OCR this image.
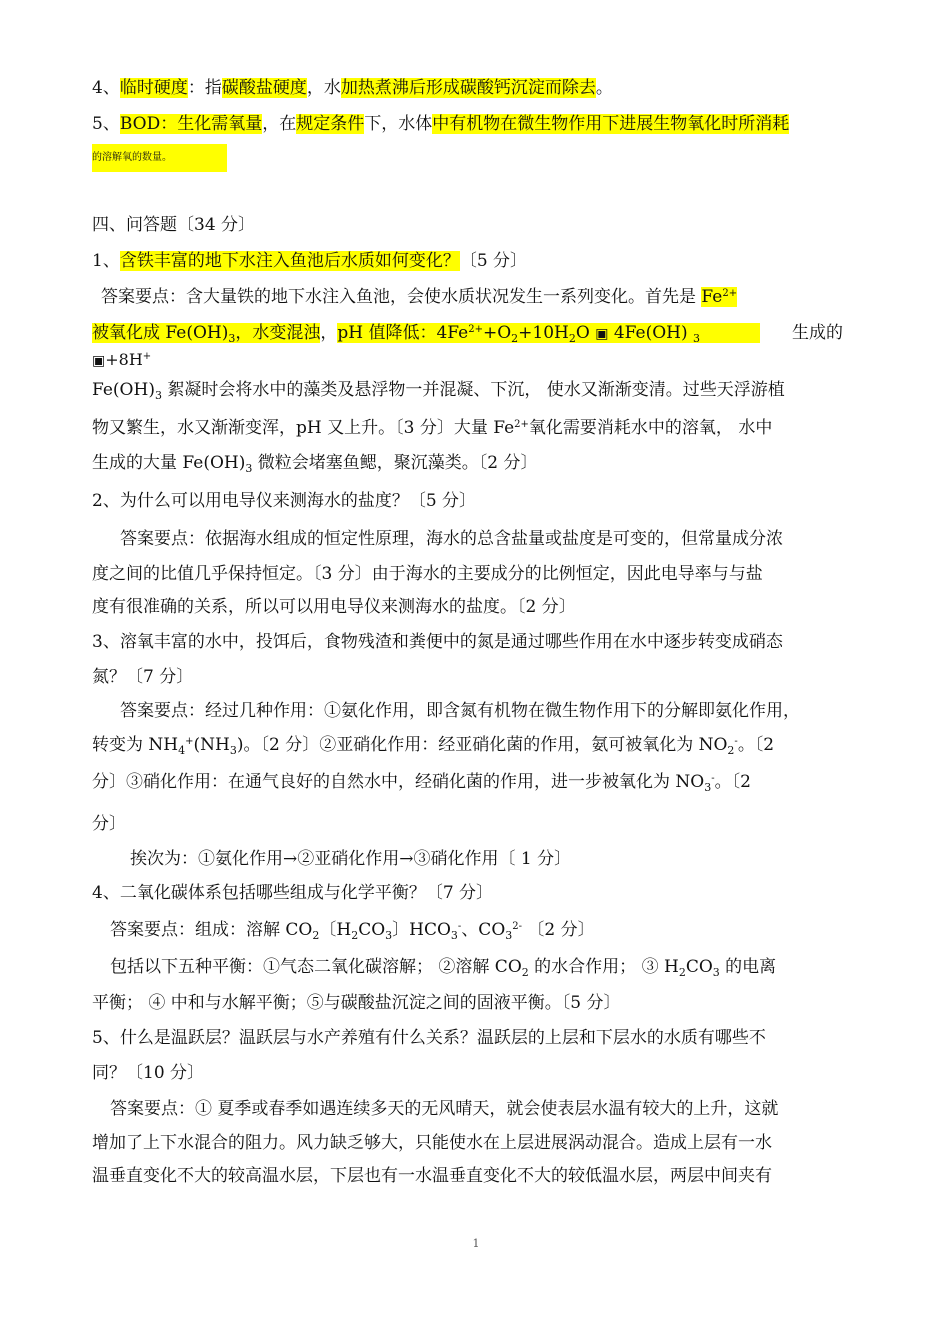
4、临时硬度：指碳酸盐硬度，水加热煮沸后形成碳酸钙沉淀而除去。
5、BOD：生化需氧量，在规定条件下，水体中有机物在微生物作用下进展生物氧化时所消耗
的溶解氧的数量。
四、问答题〔34 分〕
1、含铁丰富的地下水注入鱼池后水质如何变化？〔5 分〕
答案要点：含大量铁的地下水注入鱼池，会使水质状况发生一系列变化。首先是 $Fe^{2+}$
被氧化成 $Fe(OH)_3$，水变混浊，pH 值降低：$4Fe^{2+}+O_2+10H_2O$ ▣ 4Fe(OH) $_3$	生成的
▣+8H+
$Fe(OH)_3$ 絮凝时会将水中的藻类及悬浮物一并混凝、下沉， 使水又渐渐变清。过些天浮游植
物又繁生，水又渐渐变浑，pH 又上升。〔3 分〕大量 $Fe^{2+}$氧化需要消耗水中的溶氧， 水中
生成的大量 $Fe(OH)_3$ 微粒会堵塞鱼鳃，聚沉藻类。〔2 分〕
2、为什么可以用电导仪来测海水的盐度？〔5 分〕
答案要点：依据海水组成的恒定性原理，海水的总含盐量或盐度是可变的，但常量成分浓
度之间的比值几乎保持恒定。〔3 分〕由于海水的主要成分的比例恒定，因此电导率与与盐
度有很准确的关系，所以可以用电导仪来测海水的盐度。〔2 分〕
3、溶氧丰富的水中，投饵后，食物残渣和粪便中的氮是通过哪些作用在水中逐步转变成硝态
氮？〔7 分〕
答案要点：经过几种作用：①氨化作用，即含氮有机物在微生物作用下的分解即氨化作用，
转变为 $NH_4^+(NH_3)$。〔2 分〕②亚硝化作用：经亚硝化菌的作用，氨可被氧化为 $NO_2^-$。〔2
分〕③硝化作用：在通气良好的自然水中，经硝化菌的作用，进一步被氧化为 $NO_3^-$。〔2
分〕
挨次为：①氨化作用→②亚硝化作用→③硝化作用〔 1 分〕
4、二氧化碳体系包括哪些组成与化学平衡？〔7 分〕
答案要点：组成：溶解 $CO_2$〔$H_2CO_3$〕$HCO_3^-$、$CO_3^{2-}$ 〔2 分〕
包括以下五种平衡：①气态二氧化碳溶解； ②溶解 $CO_2$ 的水合作用； ③ $H_2CO_3$ 的电离
平衡； ④ 中和与水解平衡；⑤与碳酸盐沉淀之间的固液平衡。〔5 分〕
5、什么是温跃层？温跃层与水产养殖有什么关系？温跃层的上层和下层水的水质有哪些不
同？〔10 分〕
答案要点：① 夏季或春季如遇连续多天的无风晴天，就会使表层水温有较大的上升，这就
增加了上下水混合的阻力。风力缺乏够大，只能使水在上层进展涡动混合。造成上层有一水
温垂直变化不大的较高温水层，下层也有一水温垂直变化不大的较低温水层，两层中间夹有
1
